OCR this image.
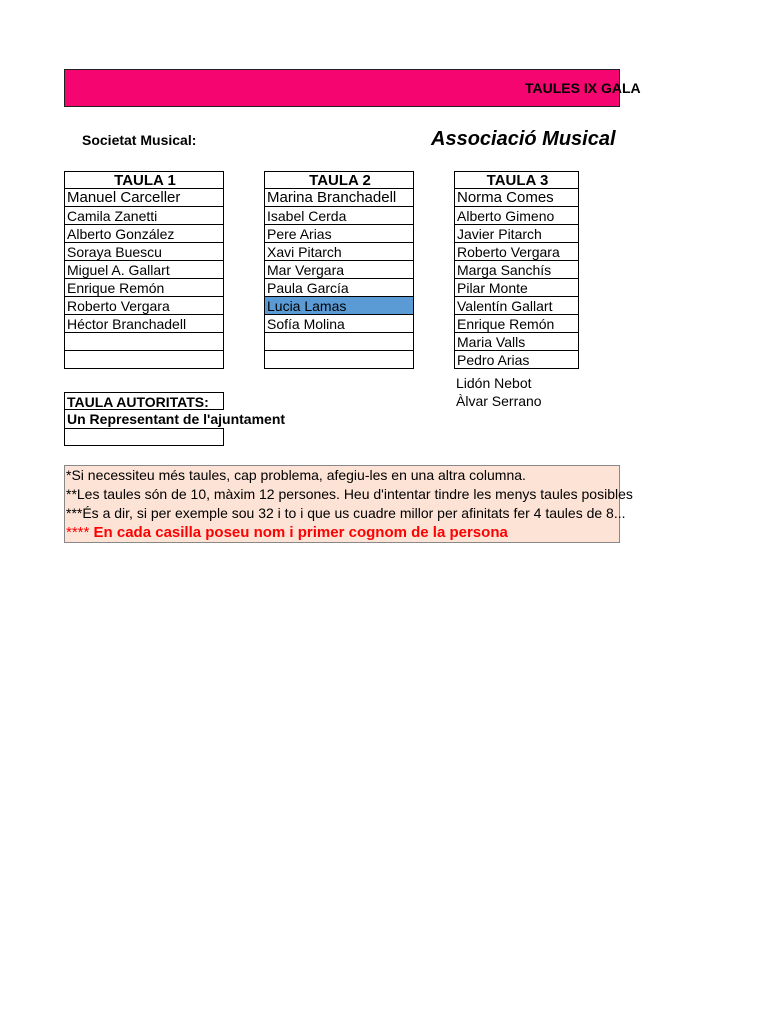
TAULES IX GALA
Societat Musical:	Associació Musical
TAULA 1
Manuel Carceller
Camila Zanetti
Alberto González
Soraya Buescu
Miguel A. Gallart
Enrique Remón
Roberto Vergara
Héctor Branchadell
TAULA 2
Marina Branchadell
Isabel Cerda
Pere Arias
Xavi Pitarch
Mar Vergara
Paula García
Lucia Lamas
Sofía Molina
TAULA 3
Norma Comes
Alberto Gimeno
Javier Pitarch
Roberto Vergara
Marga Sanchís
Pilar Monte
Valentín Gallart
Enrique Remón
Maria Valls
Pedro Arias
Lidón Nebot
Àlvar Serrano
TAULA AUTORITATS:
Un Representant de l'ajuntament
*Si necessiteu més taules, cap problema, afegiu-les en una altra columna.
**Les taules són de 10, màxim 12 persones. Heu d'intentar tindre les menys taules posibles
***És a dir, si per exemple sou 32 i to i que us cuadre millor per afinitats fer 4 taules de 8...
**** En cada casilla poseu nom i primer cognom de la persona
